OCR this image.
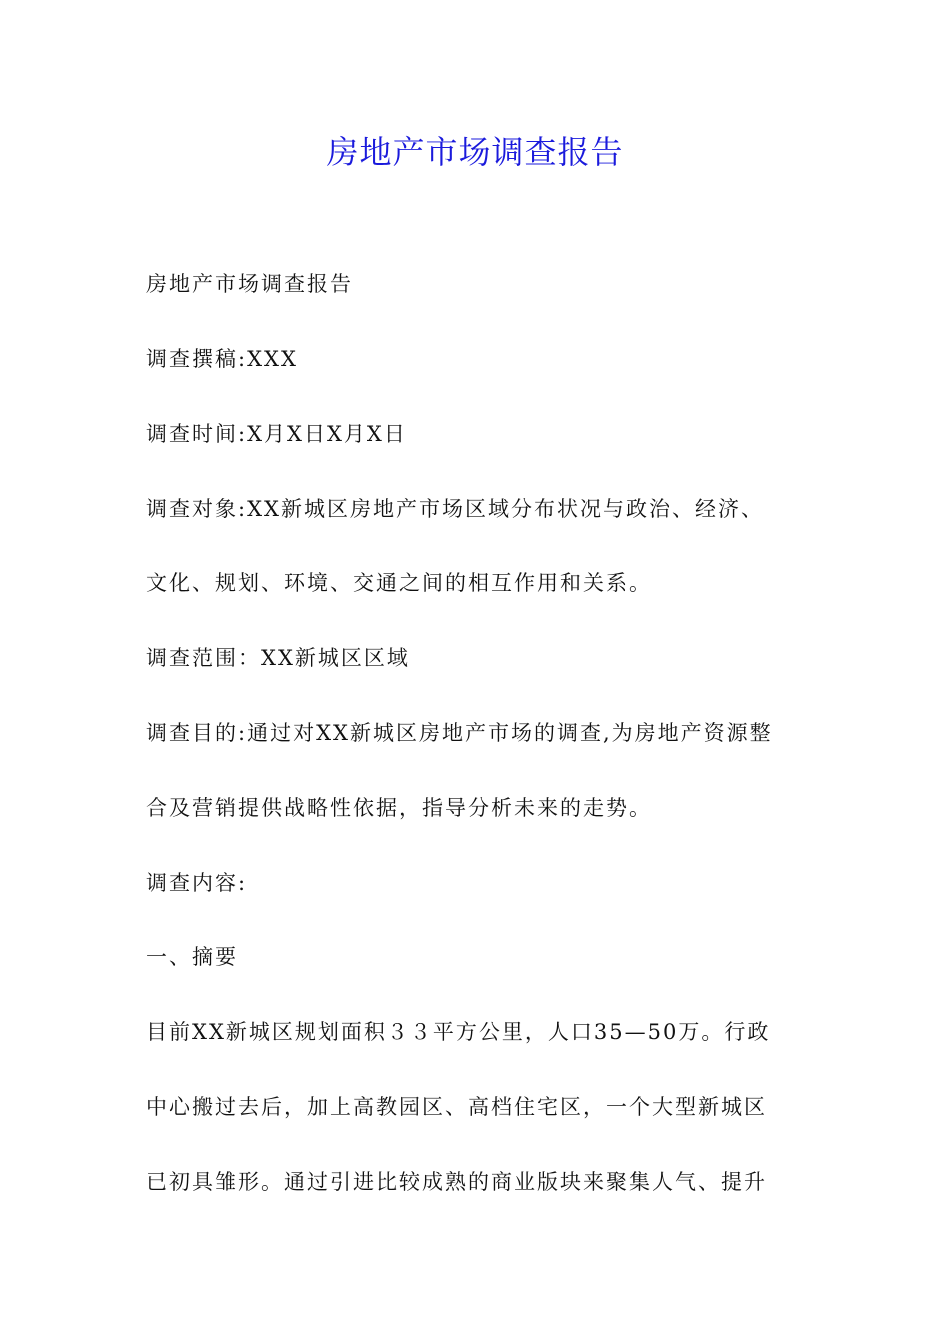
房地产市场调查报告
房地产市场调查报告
调查撰稿:XXX
调查时间:X月X日X月X日
调查对象:XX新城区房地产市场区域分布状况与政治、经济、
文化、规划、环境、交通之间的相互作用和关系。
调查范围：XX新城区区域
调查目的:通过对XX新城区房地产市场的调查,为房地产资源整
合及营销提供战略性依据，指导分析未来的走势。
调查内容:
一、摘要
目前XX新城区规划面积３３平方公里，人口35—50万。行政
中心搬过去后，加上高教园区、高档住宅区，一个大型新城区
已初具雏形。通过引进比较成熟的商业版块来聚集人气、提升
